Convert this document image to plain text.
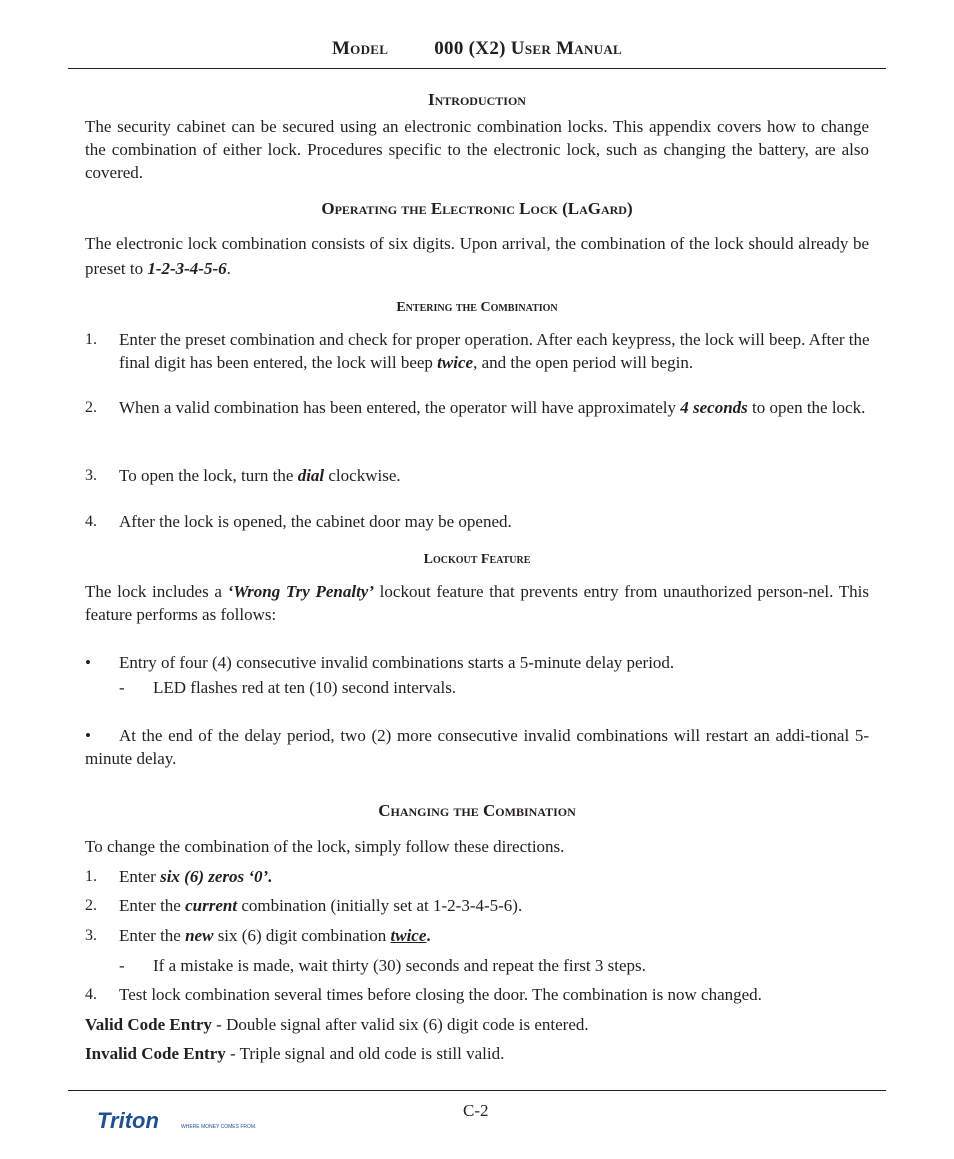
Model 000 (X2) User Manual
Introduction
The security cabinet can be secured using an electronic combination locks. This appendix covers how to change the combination of either lock. Procedures specific to the electronic lock, such as changing the battery, are also covered.
Operating the Electronic Lock (LaGard)
The electronic lock combination consists of six digits. Upon arrival, the combination of the lock should already be preset to 1-2-3-4-5-6.
Entering the Combination
1. Enter the preset combination and check for proper operation. After each keypress, the lock will beep. After the final digit has been entered, the lock will beep twice, and the open period will begin.
2. When a valid combination has been entered, the operator will have approximately 4 seconds to open the lock.
3. To open the lock, turn the dial clockwise.
4. After the lock is opened, the cabinet door may be opened.
Lockout Feature
The lock includes a ‘Wrong Try Penalty’ lockout feature that prevents entry from unauthorized person-nel. This feature performs as follows:
• Entry of four (4) consecutive invalid combinations starts a 5-minute delay period.
- LED flashes red at ten (10) second intervals.
•	At the end of the delay period, two (2) more consecutive invalid combinations will restart an addi-tional 5-minute delay.
Changing the Combination
To change the combination of the lock, simply follow these directions.
1. Enter six (6) zeros ‘0’.
2. Enter the current combination (initially set at 1-2-3-4-5-6).
3. Enter the new six (6) digit combination twice.
- If a mistake is made, wait thirty (30) seconds and repeat the first 3 steps.
4. Test lock combination several times before closing the door. The combination is now changed.
Valid Code Entry - Double signal after valid six (6) digit code is entered.
Invalid Code Entry - Triple signal and old code is still valid.
C-2
Triton	WHERE MONEY COMES FROM.
